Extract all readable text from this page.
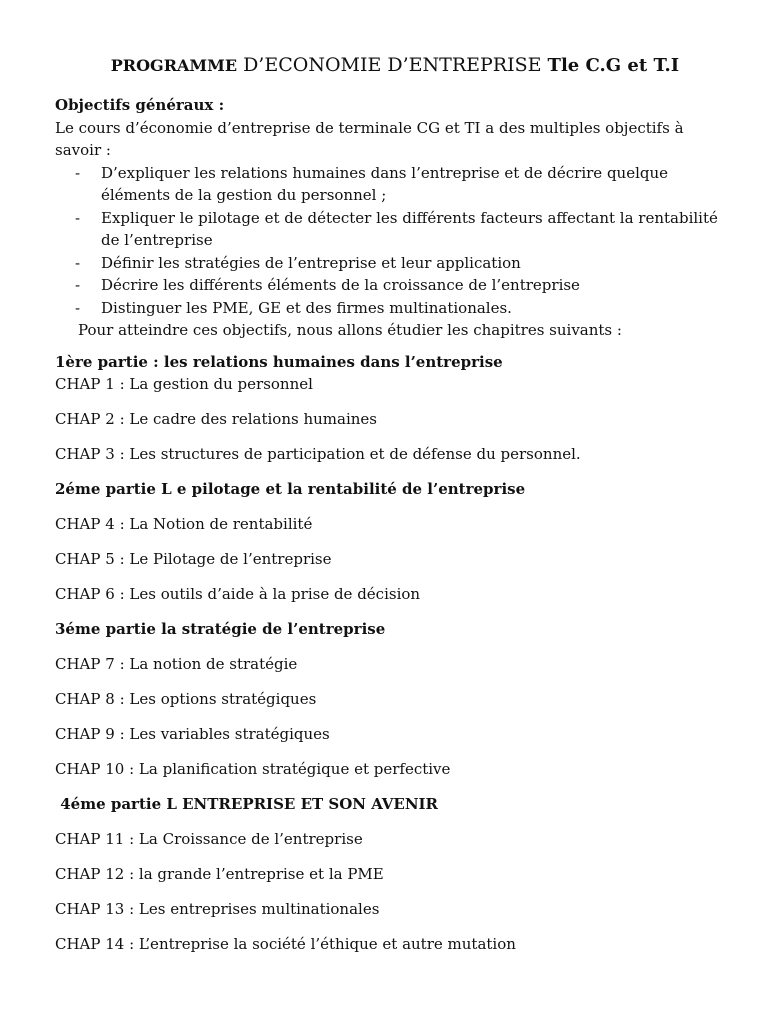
PROGRAMME D’ECONOMIE D’ENTREPRISE Tle C.G et T.I
Objectifs généraux :
Le cours d’économie d’entreprise de terminale CG et TI a des multiples objectifs à
savoir :
- D’expliquer les relations humaines dans l’entreprise et de décrire quelque éléments de la gestion du personnel ;
- Expliquer le pilotage et de détecter les différents facteurs affectant la rentabilité de l’entreprise
- Définir les stratégies de l’entreprise et leur application
- Décrire les différents éléments de la croissance de l’entreprise
- Distinguer les PME, GE et des firmes multinationales.
Pour atteindre ces objectifs, nous allons étudier les chapitres suivants :
1ère partie : les relations humaines dans l’entreprise
CHAP 1 : La gestion du personnel
CHAP 2 : Le cadre des relations humaines
CHAP 3 : Les structures de participation et de défense du personnel.
2éme partie L e pilotage et la rentabilité de l’entreprise
CHAP 4 : La Notion de rentabilité
CHAP 5 : Le Pilotage de l’entreprise
CHAP 6 : Les outils d’aide à la prise de décision
3éme partie la stratégie de l’entreprise
CHAP 7 : La notion de stratégie
CHAP 8 : Les options stratégiques
CHAP 9 : Les variables stratégiques
CHAP 10 : La planification stratégique et perfective
4éme partie L ENTREPRISE ET SON AVENIR
CHAP 11 : La Croissance de l’entreprise
CHAP 12 : la grande l’entreprise et la PME
CHAP 13 : Les entreprises multinationales
CHAP 14 : L’entreprise la société l’éthique et autre mutation
